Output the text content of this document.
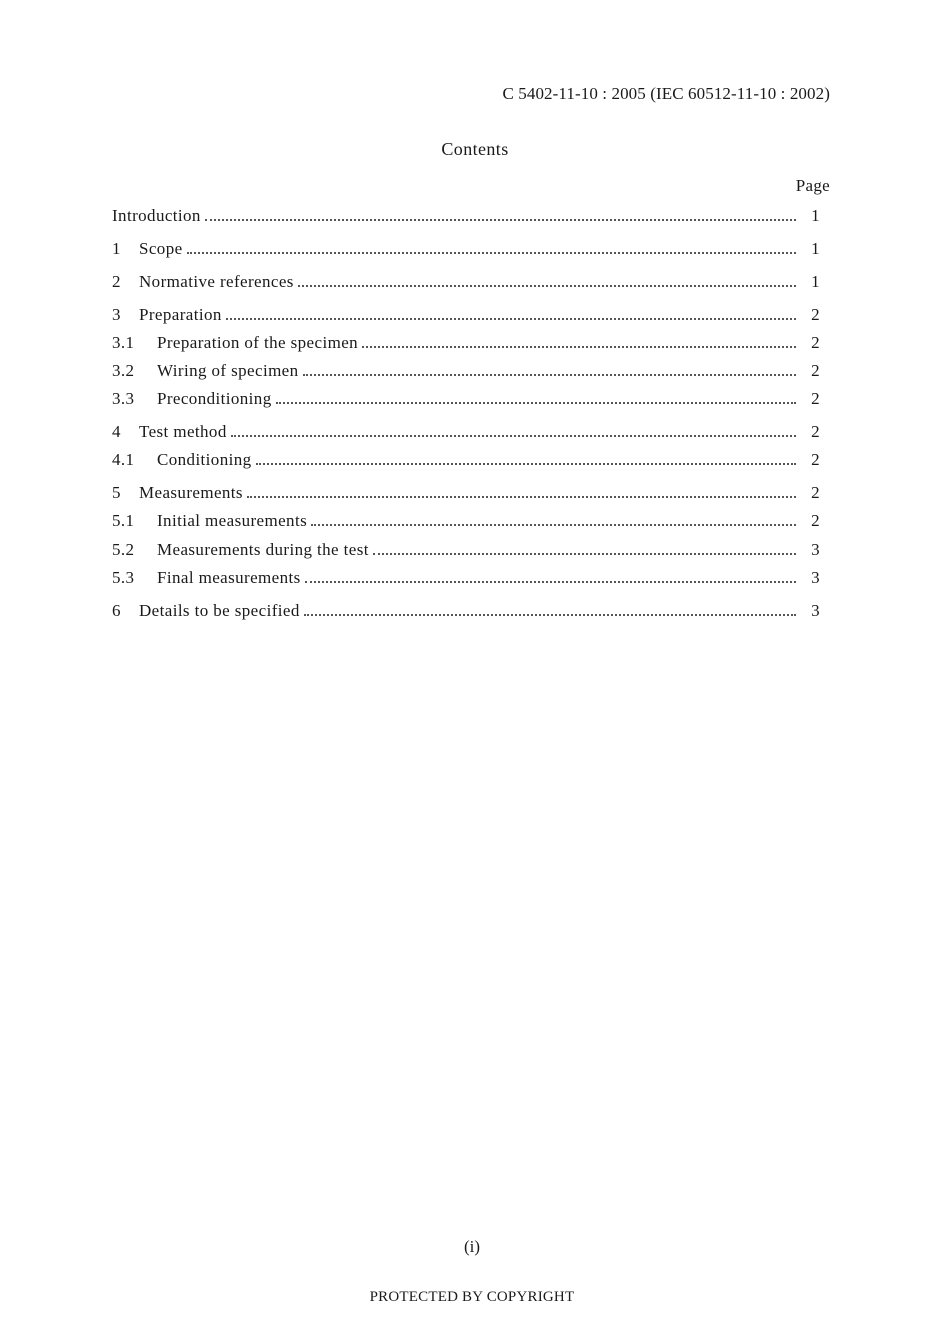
C 5402-11-10 : 2005 (IEC 60512-11-10 : 2002)
Contents
Page
Introduction	1
1	Scope	1
2	Normative references	1
3	Preparation	2
3.1	Preparation of the specimen	2
3.2	Wiring of specimen	2
3.3	Preconditioning	2
4	Test method	2
4.1	Conditioning	2
5	Measurements	2
5.1	Initial measurements	2
5.2	Measurements during the test	3
5.3	Final measurements	3
6	Details to be specified	3
(i)
PROTECTED BY COPYRIGHT
